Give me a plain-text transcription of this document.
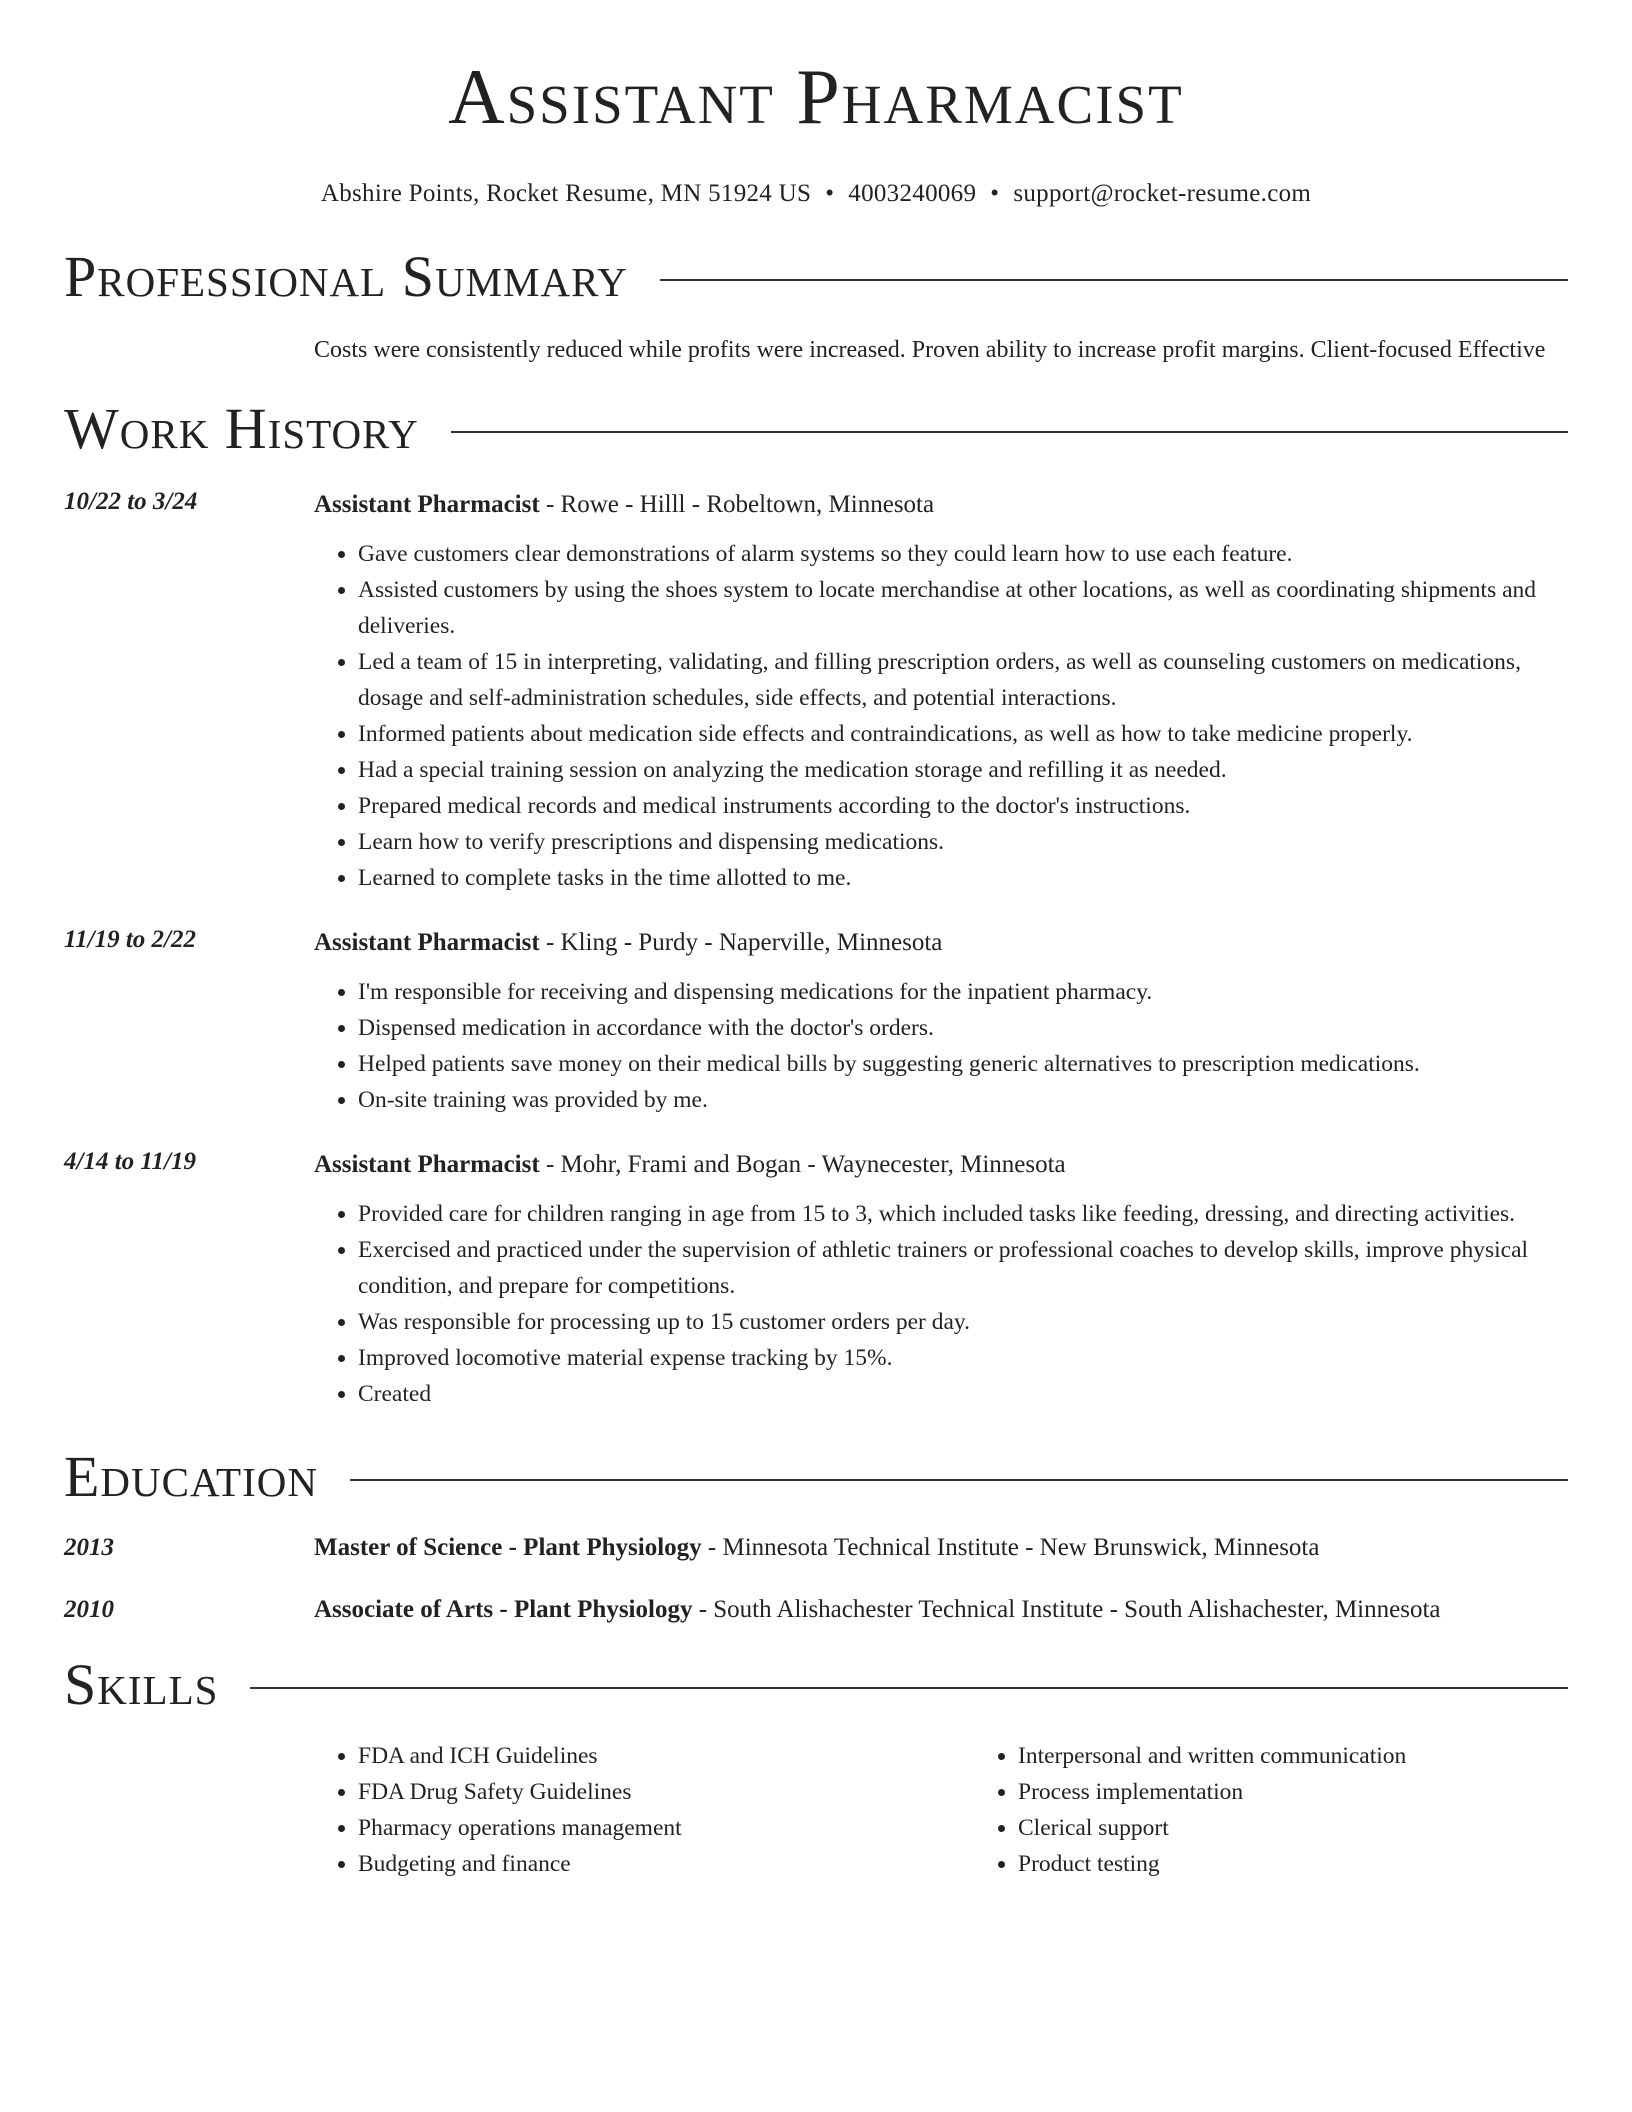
Assistant Pharmacist
Abshire Points, Rocket Resume, MN 51924 US • 4003240069 • support@rocket-resume.com
Professional Summary
Costs were consistently reduced while profits were increased. Proven ability to increase profit margins. Client-focused Effective
Work History
10/22 to 3/24	Assistant Pharmacist - Rowe - Hilll - Robeltown, Minnesota
• Gave customers clear demonstrations of alarm systems so they could learn how to use each feature.
• Assisted customers by using the shoes system to locate merchandise at other locations, as well as coordinating shipments and deliveries.
• Led a team of 15 in interpreting, validating, and filling prescription orders, as well as counseling customers on medications, dosage and self-administration schedules, side effects, and potential interactions.
• Informed patients about medication side effects and contraindications, as well as how to take medicine properly.
• Had a special training session on analyzing the medication storage and refilling it as needed.
• Prepared medical records and medical instruments according to the doctor's instructions.
• Learn how to verify prescriptions and dispensing medications.
• Learned to complete tasks in the time allotted to me.
11/19 to 2/22	Assistant Pharmacist - Kling - Purdy - Naperville, Minnesota
• I'm responsible for receiving and dispensing medications for the inpatient pharmacy.
• Dispensed medication in accordance with the doctor's orders.
• Helped patients save money on their medical bills by suggesting generic alternatives to prescription medications.
• On-site training was provided by me.
4/14 to 11/19	Assistant Pharmacist - Mohr, Frami and Bogan - Waynecester, Minnesota
• Provided care for children ranging in age from 15 to 3, which included tasks like feeding, dressing, and directing activities.
• Exercised and practiced under the supervision of athletic trainers or professional coaches to develop skills, improve physical condition, and prepare for competitions.
• Was responsible for processing up to 15 customer orders per day.
• Improved locomotive material expense tracking by 15%.
• Created
Education
2013	Master of Science - Plant Physiology - Minnesota Technical Institute - New Brunswick, Minnesota
2010	Associate of Arts - Plant Physiology - South Alishachester Technical Institute - South Alishachester, Minnesota
Skills
• FDA and ICH Guidelines
• FDA Drug Safety Guidelines
• Pharmacy operations management
• Budgeting and finance
• Interpersonal and written communication
• Process implementation
• Clerical support
• Product testing
